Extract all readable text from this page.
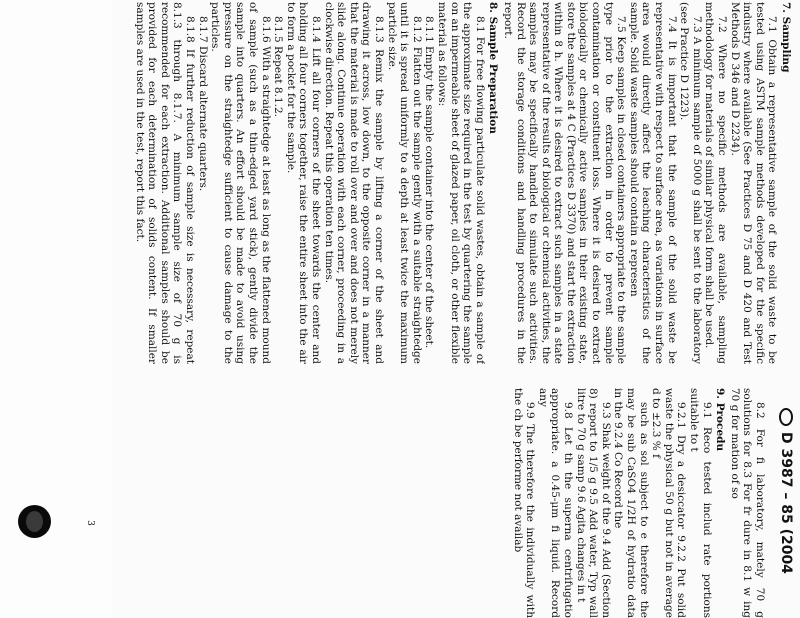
3	D 3987 – 85 (2004
7. Sampling

7.1 Obtain a representative sample of the solid waste to be tested using ASTM sample methods developed for the specific industry where available (See Practices D 75 and D 420 and Test Methods D 346 and D 2234).

7.2 Where no specific methods are available, sampling methodology for materials of similar physical form shall be used.

7.3 A minimum sample of 5000 g shall be sent to the laboratory (see Practice D 1223).

7.4 It is important that the sample of the solid waste be representative with respect to surface area, as variations in surface area would directly affect the leaching characteristics of the sample. Solid waste samples should contain a represen

7.5 Keep samples in closed containers appropriate to the sample type prior to the extraction in order to prevent sample contamination or constituent loss. Where it is desired to extract biologically or chemically active samples in their existing state, store the samples at 4 C (Practices D 3370) and start the extraction within 8 h. Where it is desired to extract such samples in a state representative of the results of biological or chemical activities, the samples may be specifically handled to simulate such activities. Record the storage conditions and handling procedures in the report.

8. Sample Preparation

8.1 For free flowing particulate solid wastes, obtain a sample of the approximate size required in the test by quartering the sample on an impermeable sheet of glazed paper, oil cloth, or other flexible material as follows:

8.1.1 Empty the sample container into the center of the sheet.

8.1.2 Flatten out the sample gently with a suitable straightedge until it is spread uniformly to a depth at least twice the maximum particle size.

8.1.3 Remix the sample by lifting a corner of the sheet and drawing it across, low down, to the opposite corner in a manner that the material is made to roll over and over and does not merely slide along. Continue operation with each corner, proceeding in a clockwise direction. Repeat this operation ten times.

8.1.4 Lift all four corners of the sheet towards the center and holding all four corners together, raise the entire sheet into the air to form a pocket for the sample.

8.1.5 Repeat 8.1.2.

8.1.6 With a straightedge at least as long as the flattened mound of sample (such as a thin-edged yard stick), gently divide the sample into quarters. An effort should be made to avoid using pressure on the straightedge sufficient to cause damage to the particles.

8.1.7 Discard alternate quarters.

8.1.8 If further reduction of sample size is necessary, repeat 8.1.3 through 8.1.7. A minimum sample size of 70 g is recommended for each extraction. Additional samples should be provided for each determination of solids content. If smaller samples are used in the test, report this fact.

8.2 For fi laboratory, mately 70 g solutions for 8.3 For fr dure in 8.1 w ing 70 g for mation of so

9. Procedu

9.1 Reco tested includ rate portions suitable to t

9.2.1 Dry a desiccator 9.2.2 Put solid waste the physical 50 g but not in average d to ±2.3 % f

such as sol subject to e therefore the may be sub CaSO4 1/2H of hydratio data in the 9.2.4 Co Record the

9.3 Shak weight of the 9.4 Add (Section 8) report to 1/5 g 9.5 Add water, Typ wall litre to 70 g samp 9.6 Agita changes in t

9.8 Let th the superna centrifugatio appropriate. a 0.45-μm fi liquid. Record any

9.9 The therefore the individually with the ch be performe not availab
